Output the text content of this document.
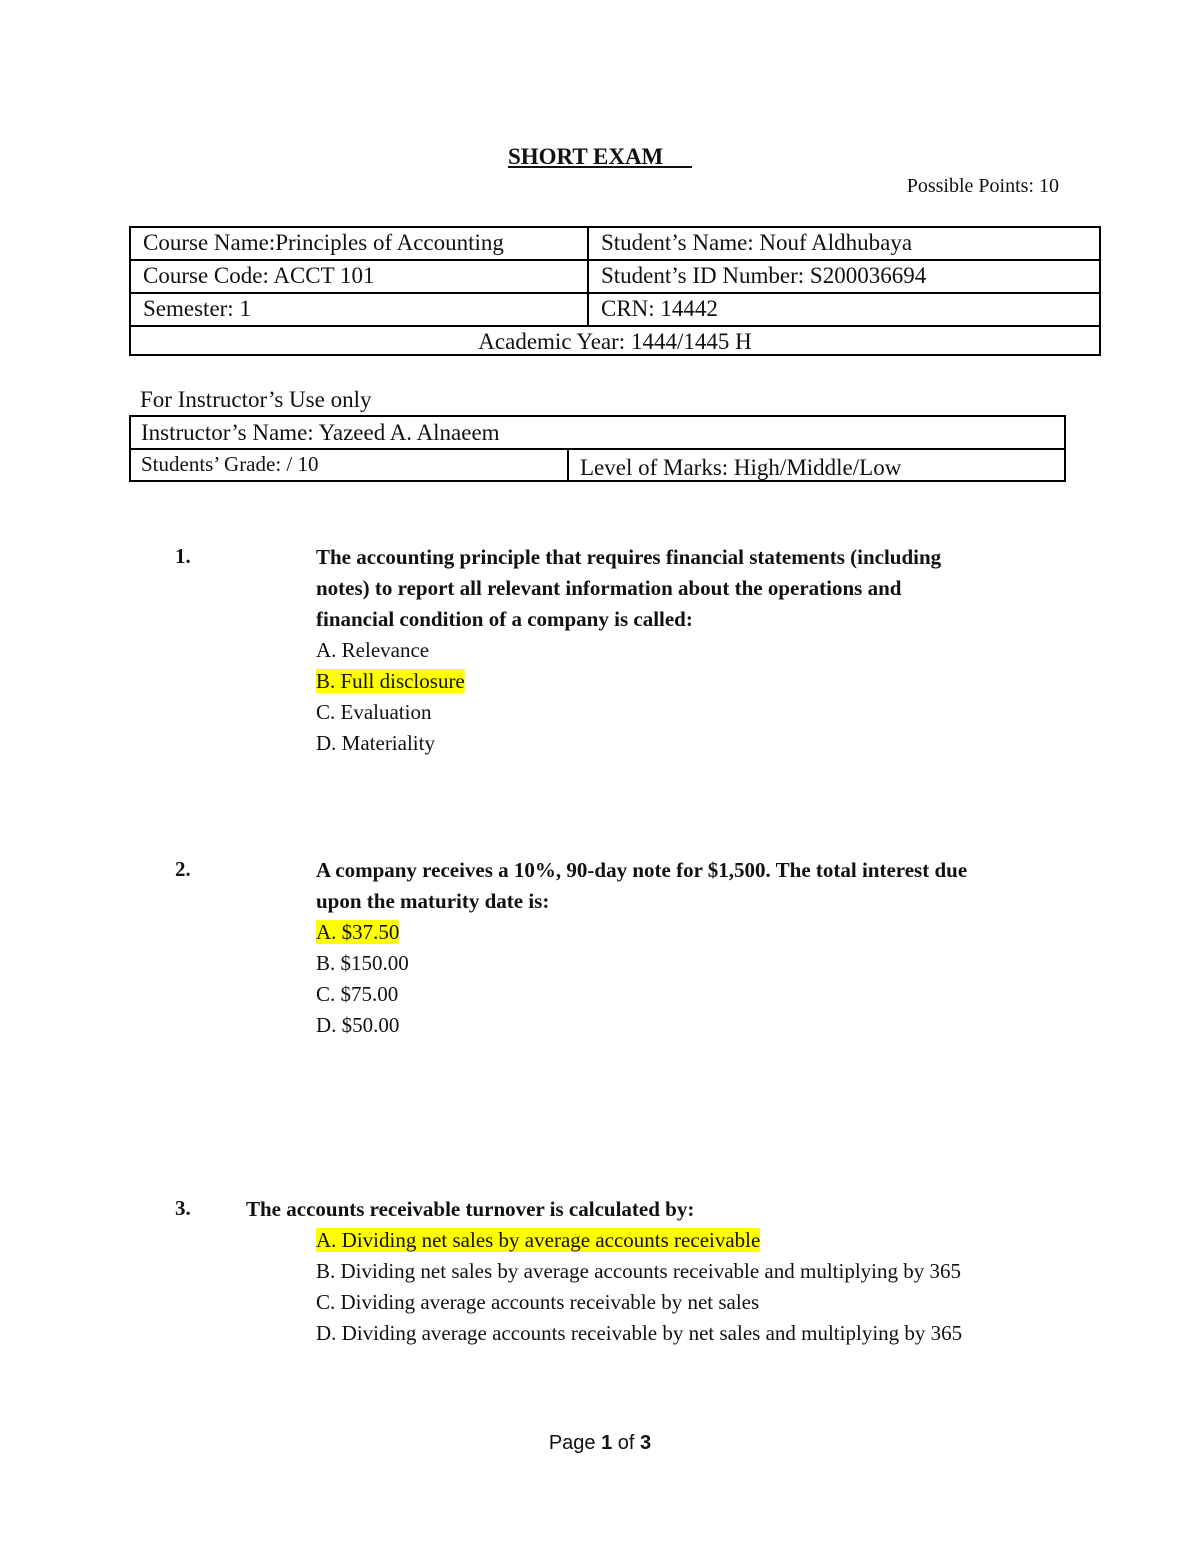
SHORT EXAM
Possible Points: 10
Course Name:Principles of Accounting	Student’s Name: Nouf Aldhubaya
Course Code: ACCT 101	Student’s ID Number: S200036694
Semester: 1	CRN: 14442
Academic Year: 1444/1445 H
For Instructor’s Use only
Instructor’s Name: Yazeed A. Alnaeem
Students’ Grade: / 10	Level of Marks: High/Middle/Low
1.	The accounting principle that requires financial statements (including
notes) to report all relevant information about the operations and
financial condition of a company is called:
A. Relevance
B. Full disclosure
C. Evaluation
D. Materiality
2.	A company receives a 10%, 90-day note for $1,500. The total interest due
upon the maturity date is:
A. $37.50
B. $150.00
C. $75.00
D. $50.00
3.	The accounts receivable turnover is calculated by:
A. Dividing net sales by average accounts receivable
B. Dividing net sales by average accounts receivable and multiplying by 365
C. Dividing average accounts receivable by net sales
D. Dividing average accounts receivable by net sales and multiplying by 365
Page 1 of 3
